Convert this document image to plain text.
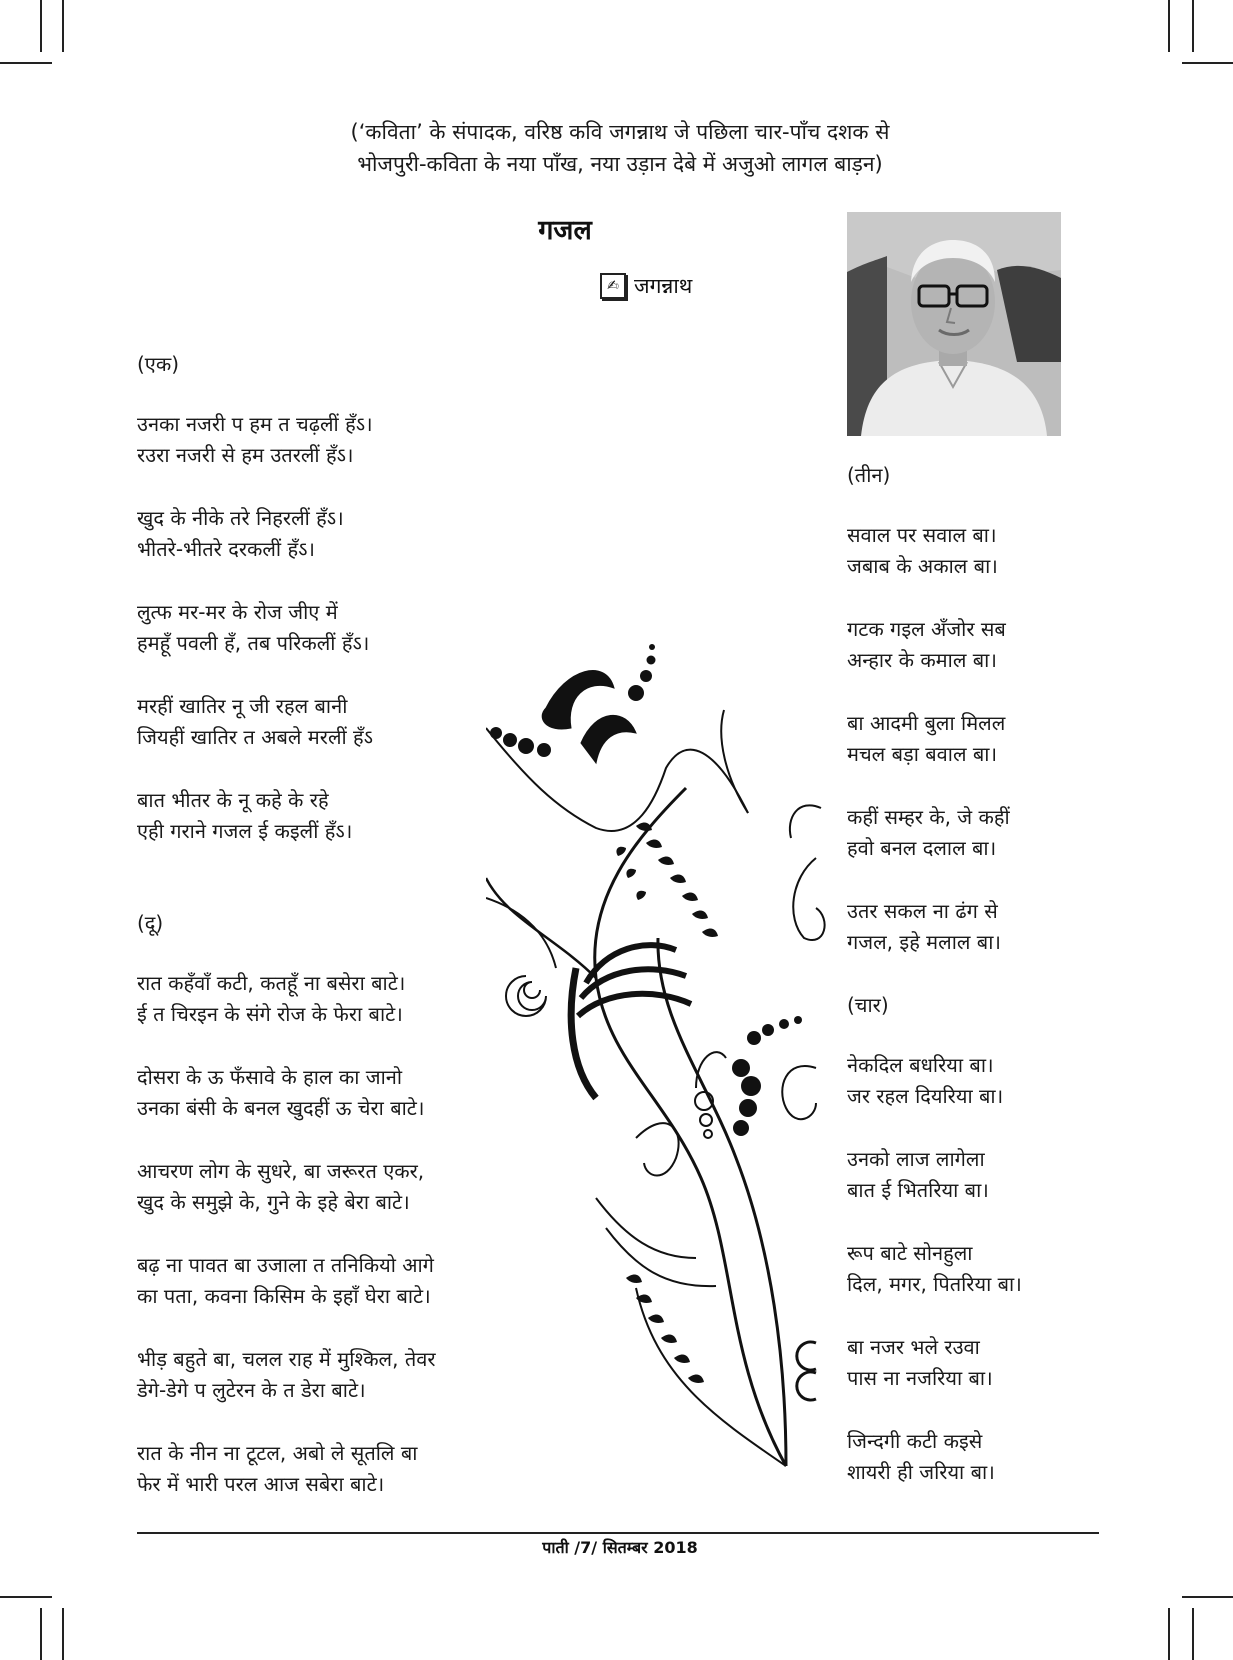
(‘कविता’ के संपादक, वरिष्ठ कवि जगन्नाथ जे पछिला चार-पाँच दशक से
भोजपुरी-कविता के नया पाँख, नया उड़ान देबे में अजुओ लागल बाड़न)
गजल
✍ जगन्नाथ
(एक)
उनका नजरी प हम त चढ़लीं हँऽ।
रउरा नजरी से हम उतरलीं हँऽ।
खुद के नीके तरे निहरलीं हँऽ।
भीतरे-भीतरे दरकलीं हँऽ।
लुत्फ मर-मर के रोज जीए में
हमहूँ पवली हँ, तब परिकलीं हँऽ।
मरहीं खातिर नू जी रहल बानी
जियहीं खातिर त अबले मरलीं हँऽ
बात भीतर के नू कहे के रहे
एही गराने गजल ई कइलीं हँऽ।
(दू)
रात कहँवाँ कटी, कतहूँ ना बसेरा बाटे।
ई त चिरइन के संगे रोज के फेरा बाटे।
दोसरा के ऊ फँसावे के हाल का जानो
उनका बंसी के बनल खुदहीं ऊ चेरा बाटे।
आचरण लोग के सुधरे, बा जरूरत एकर,
खुद के समुझे के, गुने के इहे बेरा बाटे।
बढ़ ना पावत बा उजाला त तनिकियो आगे
का पता, कवना किसिम के इहाँ घेरा बाटे।
भीड़ बहुते बा, चलल राह में मुश्किल, तेवर
डेगे-डेगे प लुटेरन के त डेरा बाटे।
रात के नीन ना टूटल, अबो ले सूतलि बा
फेर में भारी परल आज सबेरा बाटे।
(तीन)
सवाल पर सवाल बा।
जबाब के अकाल बा।
गटक गइल अँजोर सब
अन्हार के कमाल बा।
बा आदमी बुला मिलल
मचल बड़ा बवाल बा।
कहीं सम्हर के, जे कहीं
हवो बनल दलाल बा।
उतर सकल ना ढंग से
गजल, इहे मलाल बा।
(चार)
नेकदिल बधरिया बा।
जर रहल दियरिया बा।
उनको लाज लागेला
बात ई भितरिया बा।
रूप बाटे सोनहुला
दिल, मगर, पितरिया बा।
बा नजर भले रउवा
पास ना नजरिया बा।
जिन्दगी कटी कइसे
शायरी ही जरिया बा।
पाती /7/ सितम्बर 2018
